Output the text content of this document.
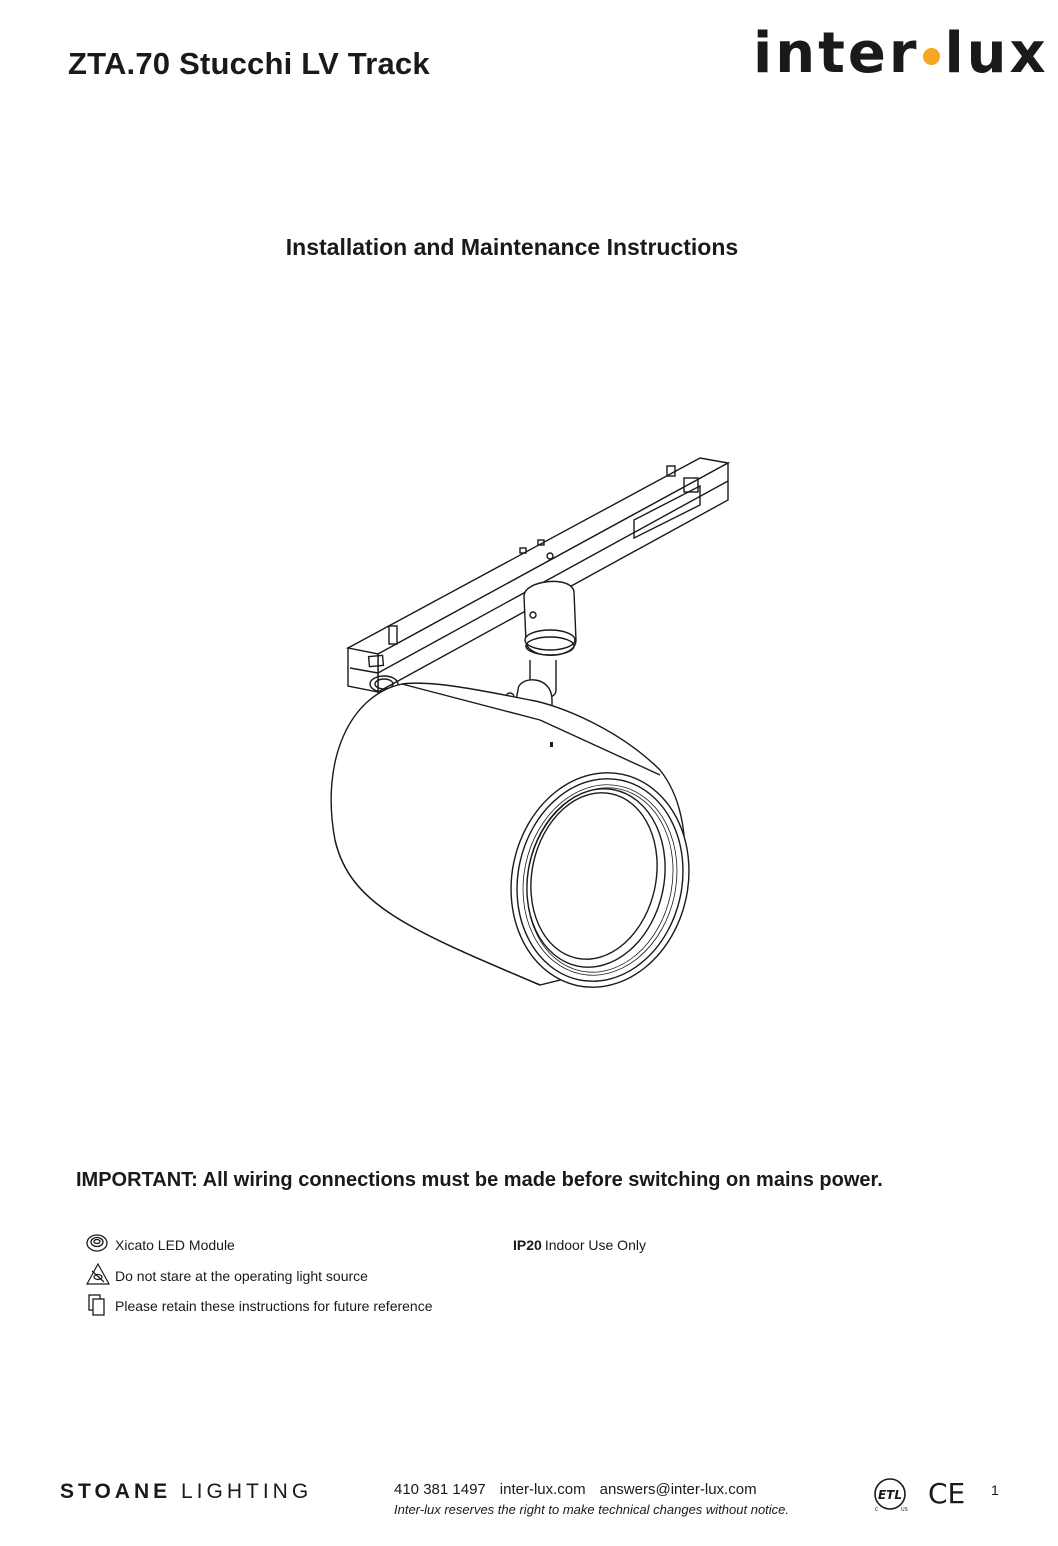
ZTA.70 Stucchi LV Track	inter lux
Installation and Maintenance Instructions
IMPORTANT: All wiring connections must be made before switching on mains power.
Xicato LED Module
Do not stare at the operating light source
Please retain these instructions for future reference
IP20 Indoor Use Only
STOANE LIGHTING	410 381 1497 inter-lux.com answers@inter-lux.com
Inter-lux reserves the right to make technical changes without notice.
ETL
C	US CE 1
